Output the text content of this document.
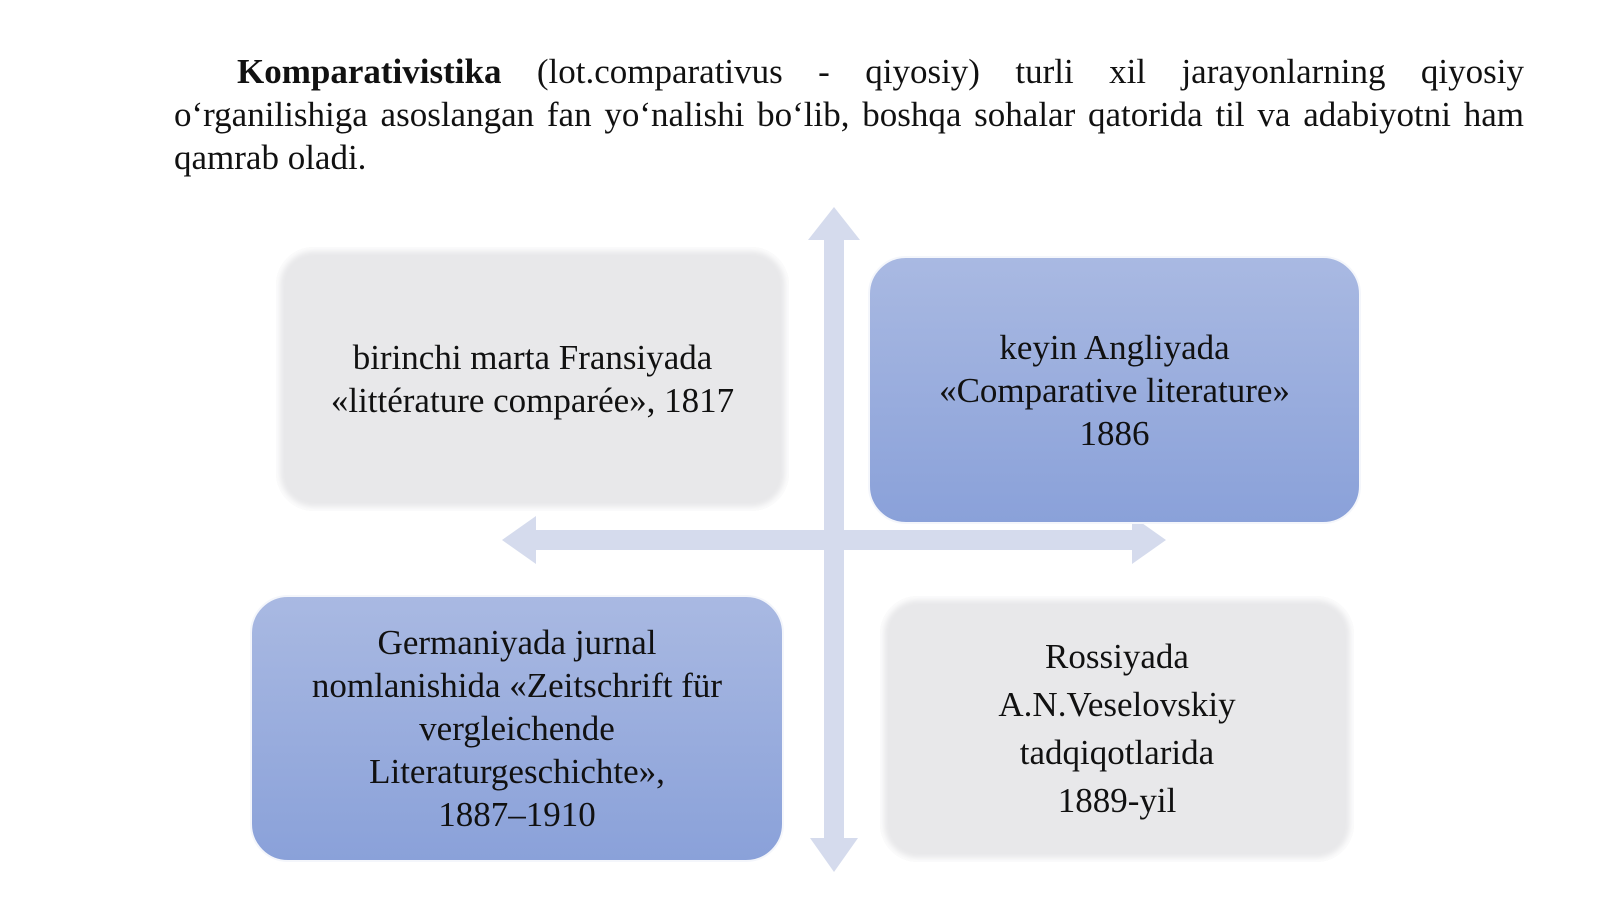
Komparativistika (lot.comparativus - qiyosiy) turli xil jarayonlarning qiyosiy o‘rganilishiga asoslangan fan yo‘nalishi bo‘lib, boshqa sohalar qatorida til va adabiyotni ham qamrab oladi.

birinchi marta Fransiyada
«littérature comparée», 1817
keyin Angliyada
«Comparative literature»
1886
Germaniyada jurnal
nomlanishida «Zeitschrift für
vergleichende
Literaturgeschichte»,
1887–1910
Rossiyada
A.N.Veselovskiy
tadqiqotlarida
1889-yil
